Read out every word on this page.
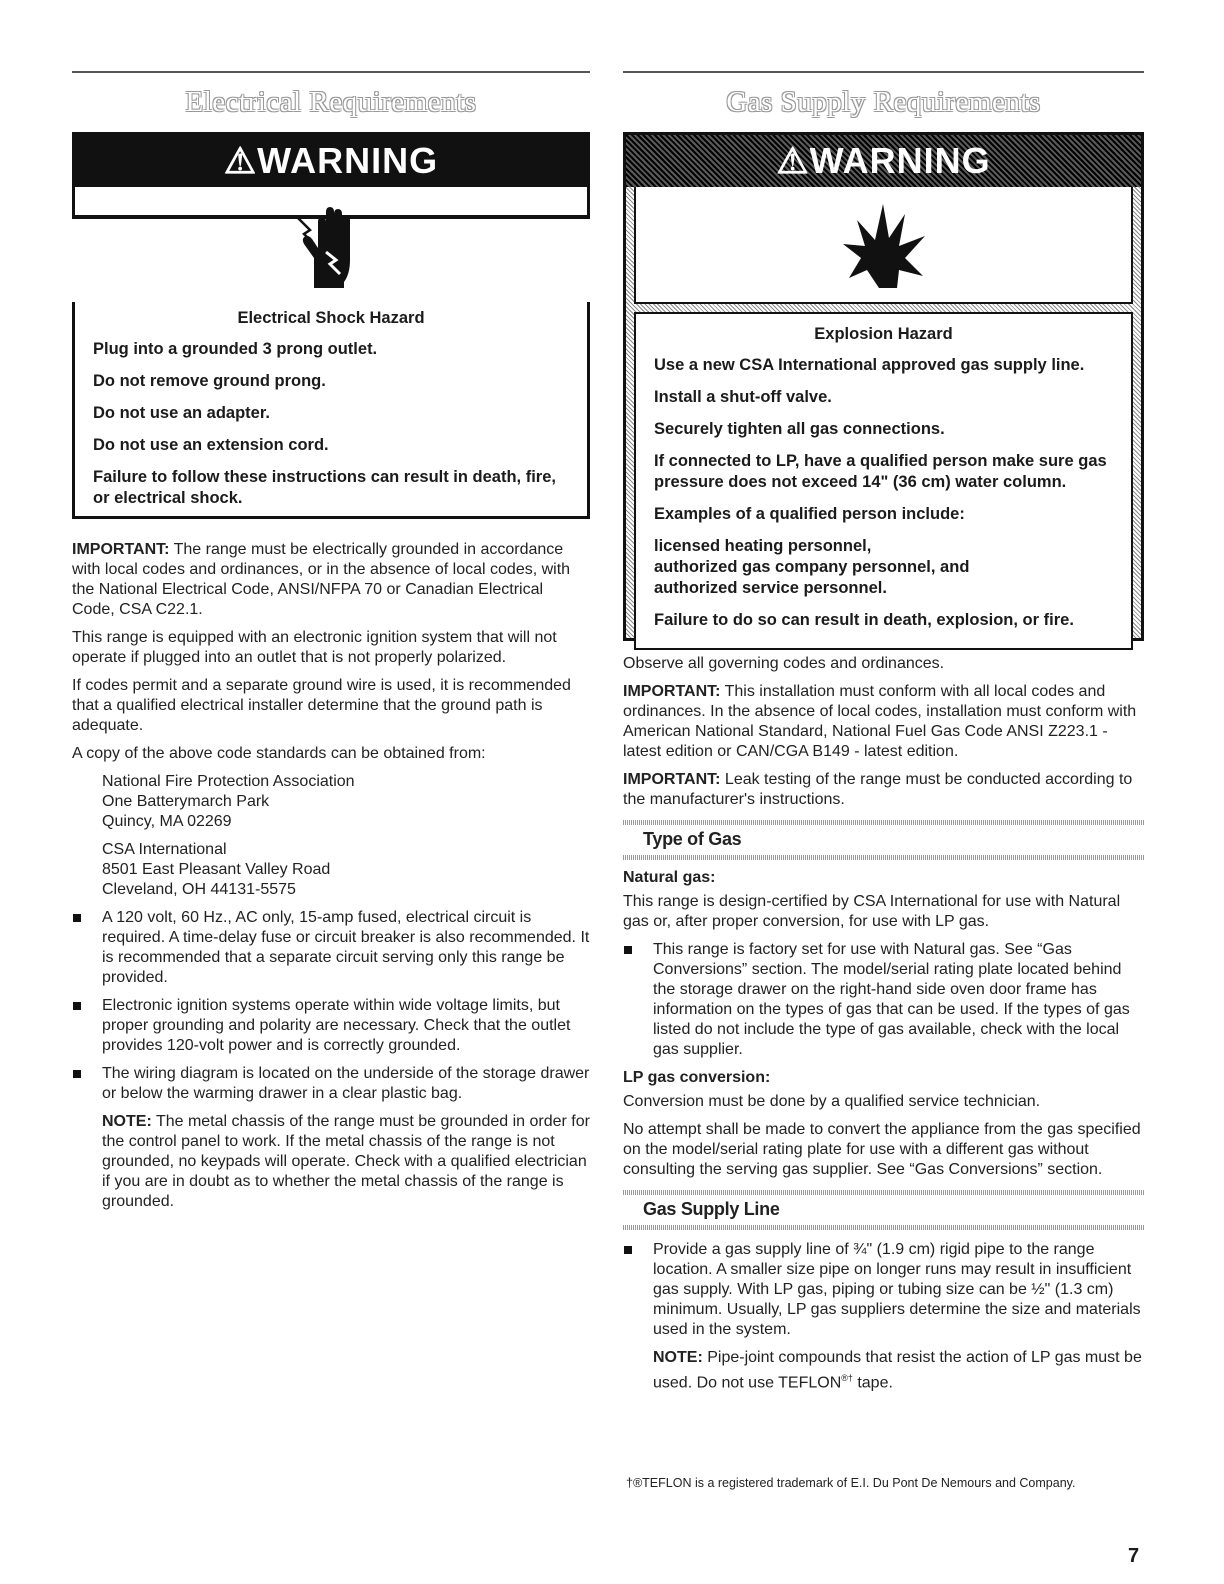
Electrical Requirements
⚠WARNING

Electrical Shock Hazard

Plug into a grounded 3 prong outlet.

Do not remove ground prong.

Do not use an adapter.

Do not use an extension cord.

Failure to follow these instructions can result in death, fire, or electrical shock.

IMPORTANT: The range must be electrically grounded in accordance with local codes and ordinances, or in the absence of local codes, with the National Electrical Code, ANSI/NFPA 70 or Canadian Electrical Code, CSA C22.1.

This range is equipped with an electronic ignition system that will not operate if plugged into an outlet that is not properly polarized.

If codes permit and a separate ground wire is used, it is recommended that a qualified electrical installer determine that the ground path is adequate.

A copy of the above code standards can be obtained from:

National Fire Protection Association
One Batterymarch Park
Quincy, MA 02269
CSA International
8501 East Pleasant Valley Road
Cleveland, OH 44131-5575
A 120 volt, 60 Hz., AC only, 15-amp fused, electrical circuit is required. A time-delay fuse or circuit breaker is also recommended. It is recommended that a separate circuit serving only this range be provided.
Electronic ignition systems operate within wide voltage limits, but proper grounding and polarity are necessary. Check that the outlet provides 120-volt power and is correctly grounded.
The wiring diagram is located on the underside of the storage drawer or below the warming drawer in a clear plastic bag.
NOTE: The metal chassis of the range must be grounded in order for the control panel to work. If the metal chassis of the range is not grounded, no keypads will operate. Check with a qualified electrician if you are in doubt as to whether the metal chassis of the range is grounded.
Gas Supply Requirements
⚠WARNING

Explosion Hazard

Use a new CSA International approved gas supply line.

Install a shut-off valve.

Securely tighten all gas connections.

If connected to LP, have a qualified person make sure gas pressure does not exceed 14" (36 cm) water column.

Examples of a qualified person include:

licensed heating personnel,
authorized gas company personnel, and
authorized service personnel.

Failure to do so can result in death, explosion, or fire.

Observe all governing codes and ordinances.

IMPORTANT: This installation must conform with all local codes and ordinances. In the absence of local codes, installation must conform with American National Standard, National Fuel Gas Code ANSI Z223.1 - latest edition or CAN/CGA B149 - latest edition.

IMPORTANT: Leak testing of the range must be conducted according to the manufacturer's instructions.

Type of Gas
Natural gas:

This range is design-certified by CSA International for use with Natural gas or, after proper conversion, for use with LP gas.

This range is factory set for use with Natural gas. See “Gas Conversions” section. The model/serial rating plate located behind the storage drawer on the right-hand side oven door frame has information on the types of gas that can be used. If the types of gas listed do not include the type of gas available, check with the local gas supplier.
LP gas conversion:

Conversion must be done by a qualified service technician.

No attempt shall be made to convert the appliance from the gas specified on the model/serial rating plate for use with a different gas without consulting the serving gas supplier. See “Gas Conversions” section.

Gas Supply Line
Provide a gas supply line of ¾" (1.9 cm) rigid pipe to the range location. A smaller size pipe on longer runs may result in insufficient gas supply. With LP gas, piping or tubing size can be ½" (1.3 cm) minimum. Usually, LP gas suppliers determine the size and materials used in the system.
NOTE: Pipe-joint compounds that resist the action of LP gas must be used. Do not use TEFLON®† tape.
†®TEFLON is a registered trademark of E.I. Du Pont De Nemours and Company.
7
